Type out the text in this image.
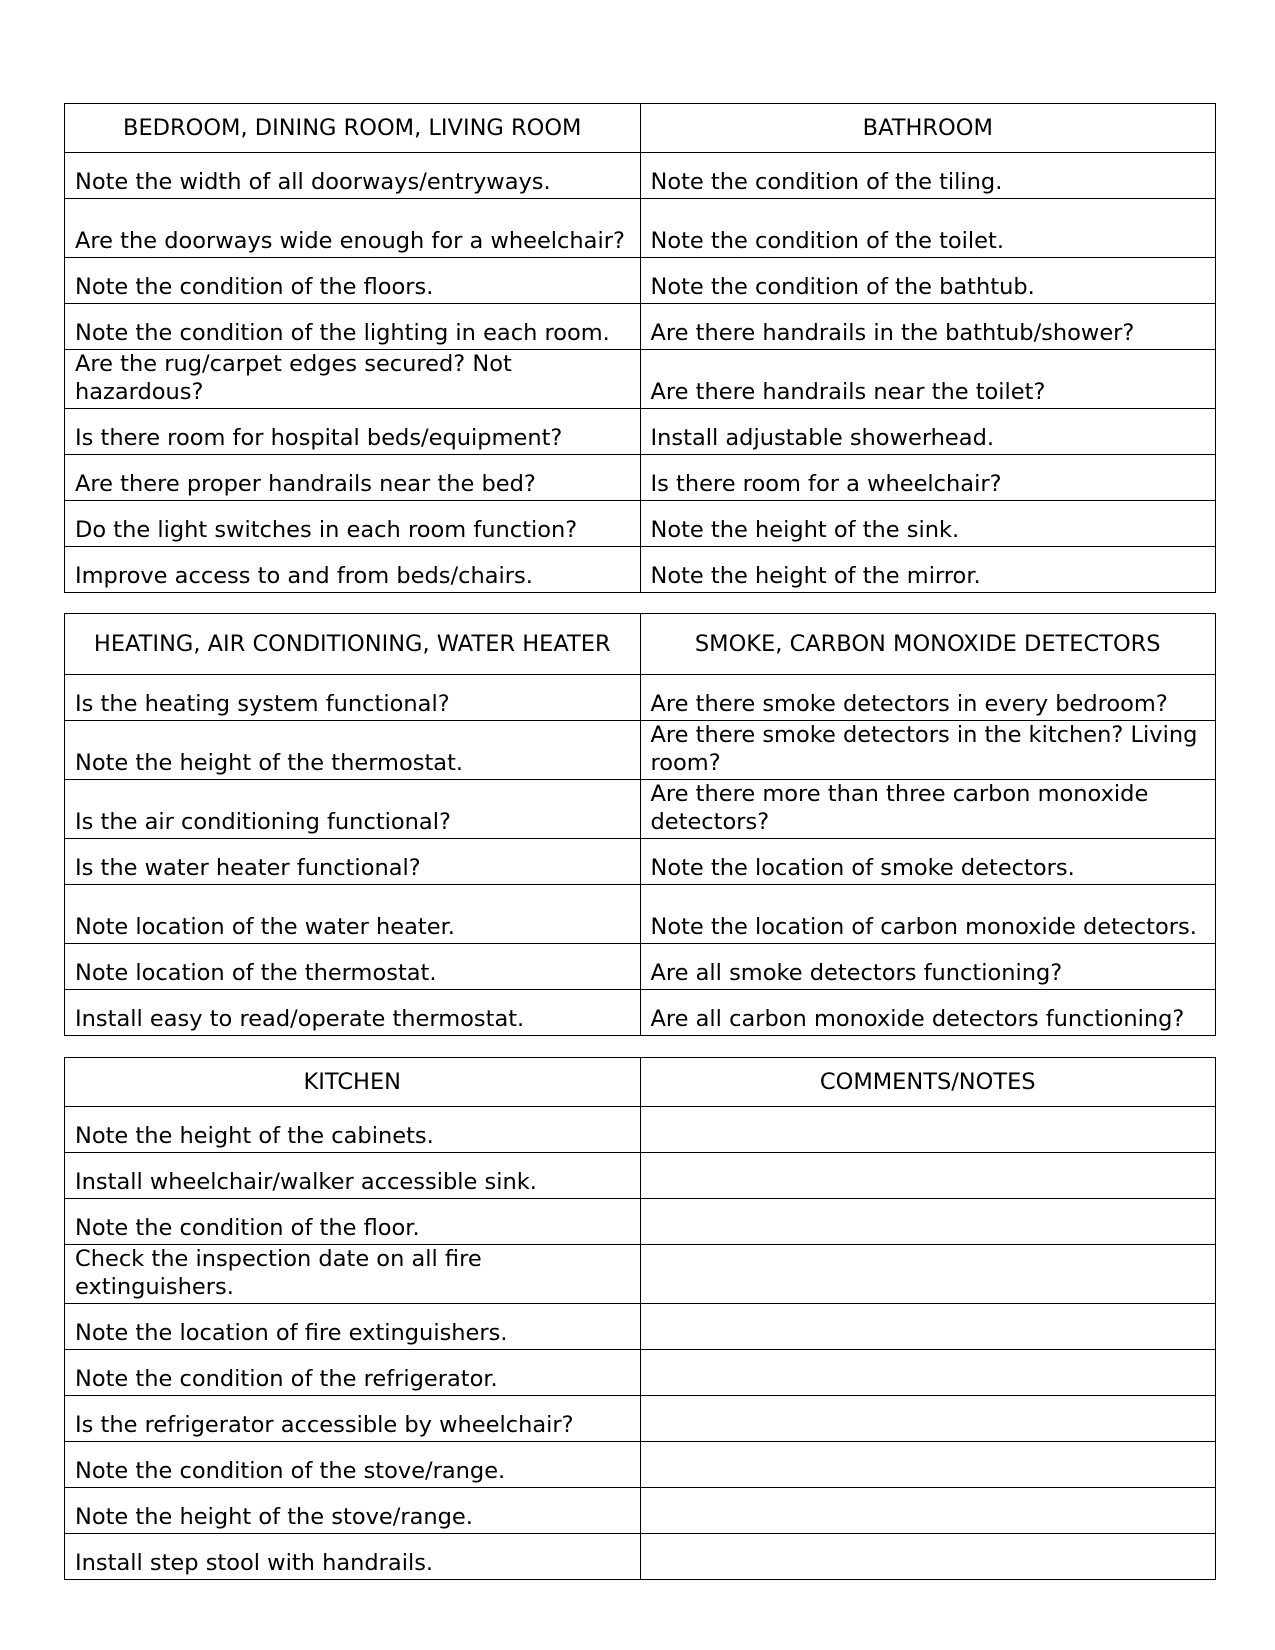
BEDROOM, DINING ROOM, LIVING ROOM	BATHROOM
Note the width of all doorways/entryways.	Note the condition of the tiling.
Are the doorways wide enough for a wheelchair?	Note the condition of the toilet.
Note the condition of the floors.	Note the condition of the bathtub.
Note the condition of the lighting in each room.	Are there handrails in the bathtub/shower?
Are the rug/carpet edges secured? Not hazardous?	Are there handrails near the toilet?
Is there room for hospital beds/equipment?	Install adjustable showerhead.
Are there proper handrails near the bed?	Is there room for a wheelchair?
Do the light switches in each room function?	Note the height of the sink.
Improve access to and from beds/chairs.	Note the height of the mirror.
HEATING, AIR CONDITIONING, WATER HEATER	SMOKE, CARBON MONOXIDE DETECTORS
Is the heating system functional?	Are there smoke detectors in every bedroom?
Note the height of the thermostat.	Are there smoke detectors in the kitchen? Living room?
Is the air conditioning functional?	Are there more than three carbon monoxide detectors?
Is the water heater functional?	Note the location of smoke detectors.
Note location of the water heater.	Note the location of carbon monoxide detectors.
Note location of the thermostat.	Are all smoke detectors functioning?
Install easy to read/operate thermostat.	Are all carbon monoxide detectors functioning?
KITCHEN	COMMENTS/NOTES
Note the height of the cabinets.	
Install wheelchair/walker accessible sink.	
Note the condition of the floor.	
Check the inspection date on all fire extinguishers.	
Note the location of fire extinguishers.	
Note the condition of the refrigerator.	
Is the refrigerator accessible by wheelchair?	
Note the condition of the stove/range.	
Note the height of the stove/range.	
Install step stool with handrails.	
